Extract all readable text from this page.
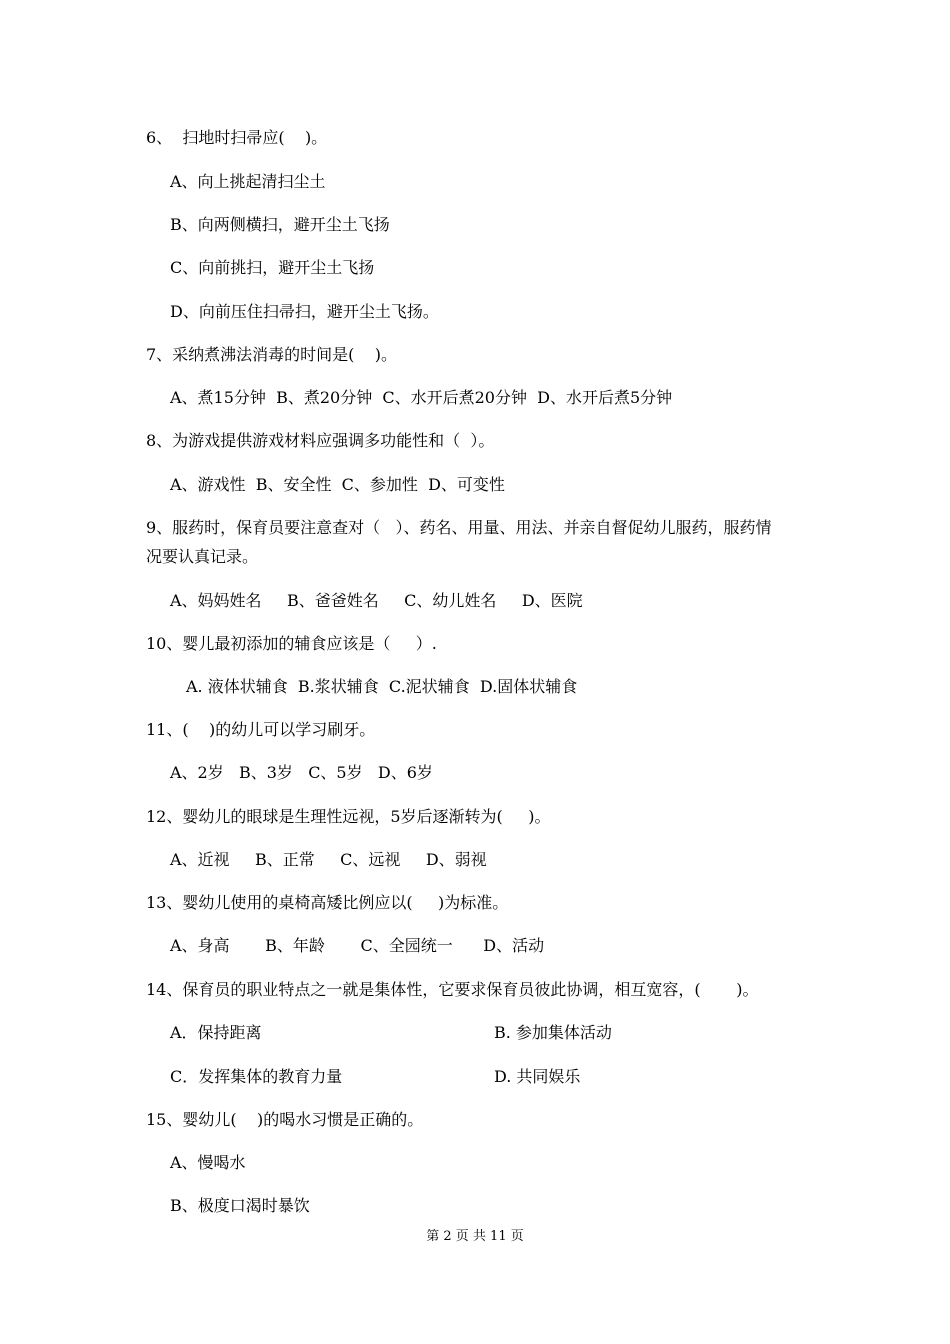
6、  扫地时扫帚应(    )。
A、向上挑起清扫尘土
B、向两侧横扫，避开尘土飞扬
C、向前挑扫，避开尘土飞扬
D、向前压住扫帚扫，避开尘土飞扬。
7、采纳煮沸法消毒的时间是(    )。
A、煮15分钟  B、煮20分钟  C、水开后煮20分钟  D、水开后煮5分钟
8、为游戏提供游戏材料应强调多功能性和（  ）。
A、游戏性  B、安全性  C、参加性  D、可变性
9、服药时，保育员要注意查对（   ）、药名、用量、用法、并亲自督促幼儿服药，服药情
况要认真记录。
A、妈妈姓名     B、爸爸姓名     C、幼儿姓名     D、医院
10、婴儿最初添加的辅食应该是（     ）.
A. 液体状辅食  B.浆状辅食  C.泥状辅食  D.固体状辅食
11、(    )的幼儿可以学习刷牙。
A、2岁   B、3岁   C、5岁   D、6岁
12、婴幼儿的眼球是生理性远视，5岁后逐渐转为(     )。
A、近视     B、正常     C、远视     D、弱视
13、婴幼儿使用的桌椅高矮比例应以(     )为标准。
A、身高       B、年龄       C、全园统一      D、活动
14、保育员的职业特点之一就是集体性，它要求保育员彼此协调，相互宽容，(       )。
A．保持距离	B. 参加集体活动
C．发挥集体的教育力量	D. 共同娱乐
15、婴幼儿(    )的喝水习惯是正确的。
A、慢喝水
B、极度口渴时暴饮
第 2 页 共 11 页
